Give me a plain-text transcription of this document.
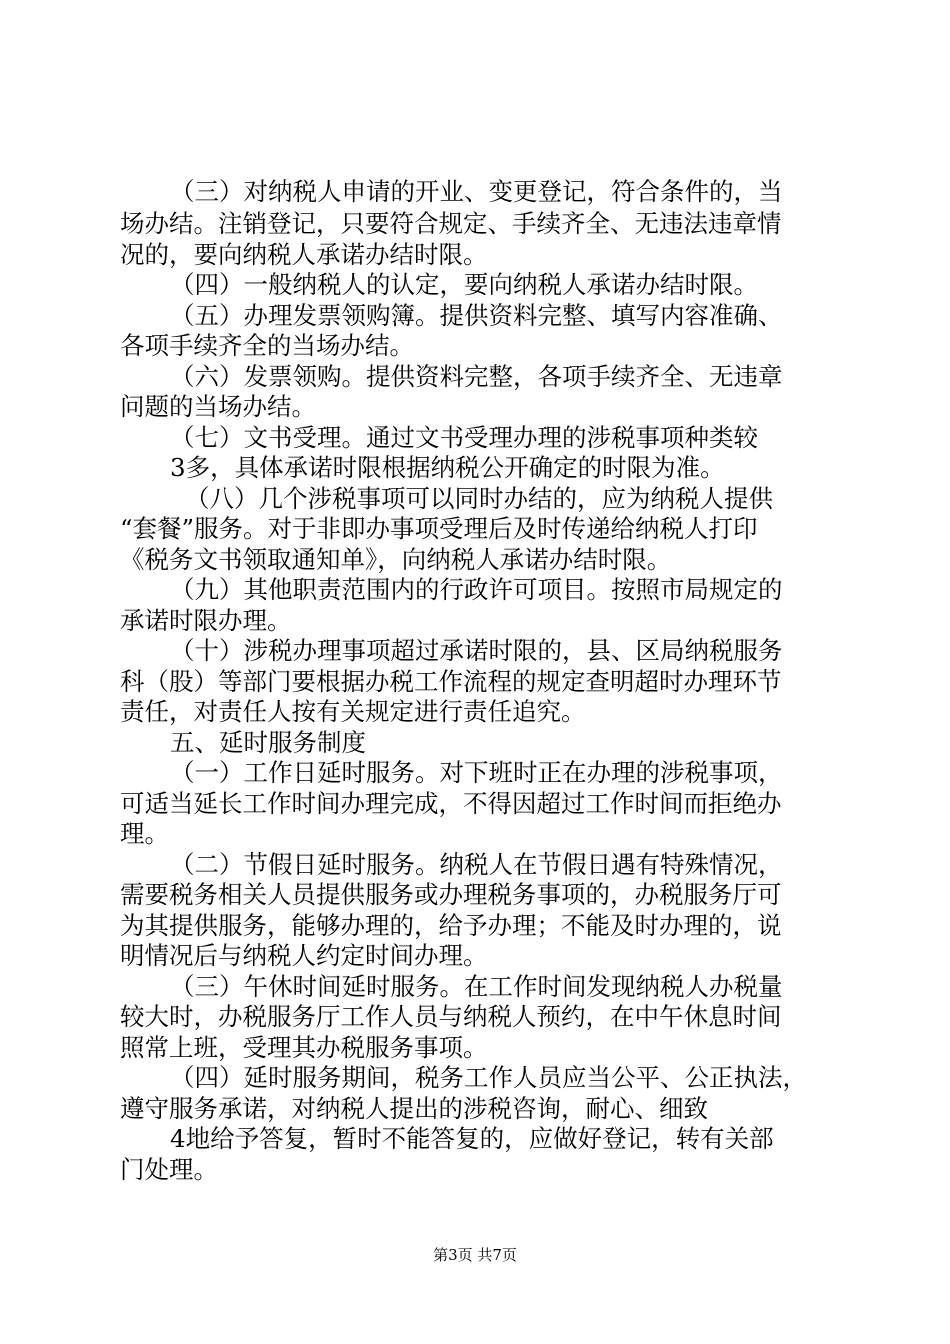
（三）对纳税人申请的开业、变更登记，符合条件的，当
场办结。注销登记，只要符合规定、手续齐全、无违法违章情
况的，要向纳税人承诺办结时限。
（四）一般纳税人的认定，要向纳税人承诺办结时限。
（五）办理发票领购簿。提供资料完整、填写内容准确、
各项手续齐全的当场办结。
（六）发票领购。提供资料完整，各项手续齐全、无违章
问题的当场办结。
（七）文书受理。通过文书受理办理的涉税事项种类较
3多，具体承诺时限根据纳税公开确定的时限为准。
（八）几个涉税事项可以同时办结的，应为纳税人提供
“套餐”服务。对于非即办事项受理后及时传递给纳税人打印
《税务文书领取通知单》，向纳税人承诺办结时限。
（九）其他职责范围内的行政许可项目。按照市局规定的
承诺时限办理。
（十）涉税办理事项超过承诺时限的，县、区局纳税服务
科（股）等部门要根据办税工作流程的规定查明超时办理环节
责任，对责任人按有关规定进行责任追究。
五、延时服务制度
（一）工作日延时服务。对下班时正在办理的涉税事项，
可适当延长工作时间办理完成，不得因超过工作时间而拒绝办
理。
（二）节假日延时服务。纳税人在节假日遇有特殊情况，
需要税务相关人员提供服务或办理税务事项的，办税服务厅可
为其提供服务，能够办理的，给予办理；不能及时办理的，说
明情况后与纳税人约定时间办理。
（三）午休时间延时服务。在工作时间发现纳税人办税量
较大时，办税服务厅工作人员与纳税人预约，在中午休息时间
照常上班，受理其办税服务事项。
（四）延时服务期间，税务工作人员应当公平、公正执法，
遵守服务承诺，对纳税人提出的涉税咨询，耐心、细致
4地给予答复，暂时不能答复的，应做好登记，转有关部
门处理。
第3页 共7页
